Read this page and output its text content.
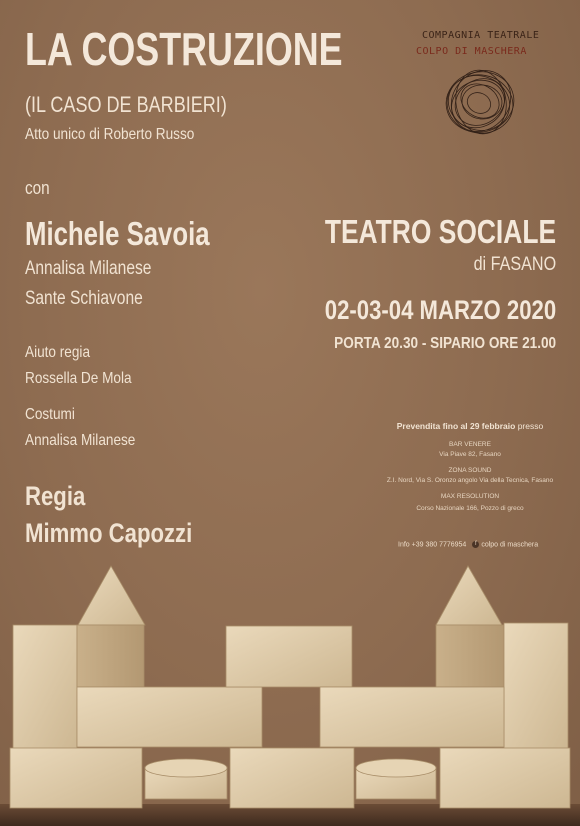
LA COSTRUZIONE

(IL CASO DE BARBIERI)

Atto unico di Roberto Russo

con

Michele Savoia

Annalisa Milanese

Sante Schiavone

Aiuto regia

Rossella De Mola

Costumi

Annalisa Milanese

Regia

Mimmo Capozzi

COMPAGNIA TEATRALE

COLPO DI MASCHERA

TEATRO SOCIALE

di FASANO

02-03-04 MARZO 2020

PORTA 20.30 - SIPARIO ORE 21.00

Prevendita fino al 29 febbraio presso
BAR VENERE
Via Piave 82, Fasano
ZONA SOUND
Z.I. Nord, Via S. Oronzo angolo Via della Tecnica, Fasano
MAX RESOLUTION
Corso Nazionale 166, Pozzo di greco
Info +39 380 7776954 f colpo di maschera
